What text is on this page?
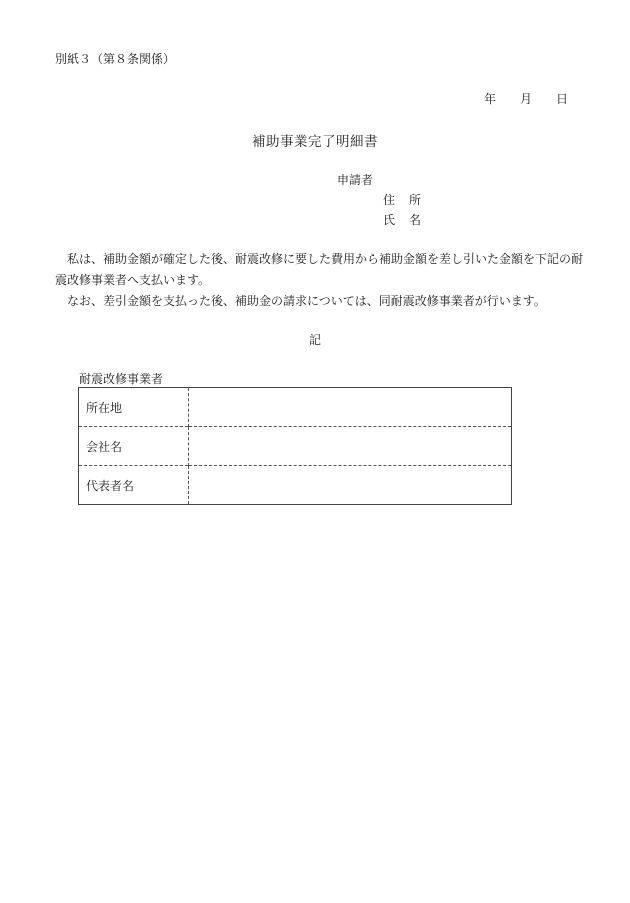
別紙３（第８条関係）
年 月 日
補助事業完了明細書
申請者
住 所
氏 名

　私は、補助金額が確定した後、耐震改修に要した費用から補助金額を差し引いた金額を下記の耐

震改修事業者へ支払います。

　なお、差引金額を支払った後、補助金の請求については、同耐震改修事業者が行います。

記
耐震改修事業者
所在地	
会社名	
代表者名	
